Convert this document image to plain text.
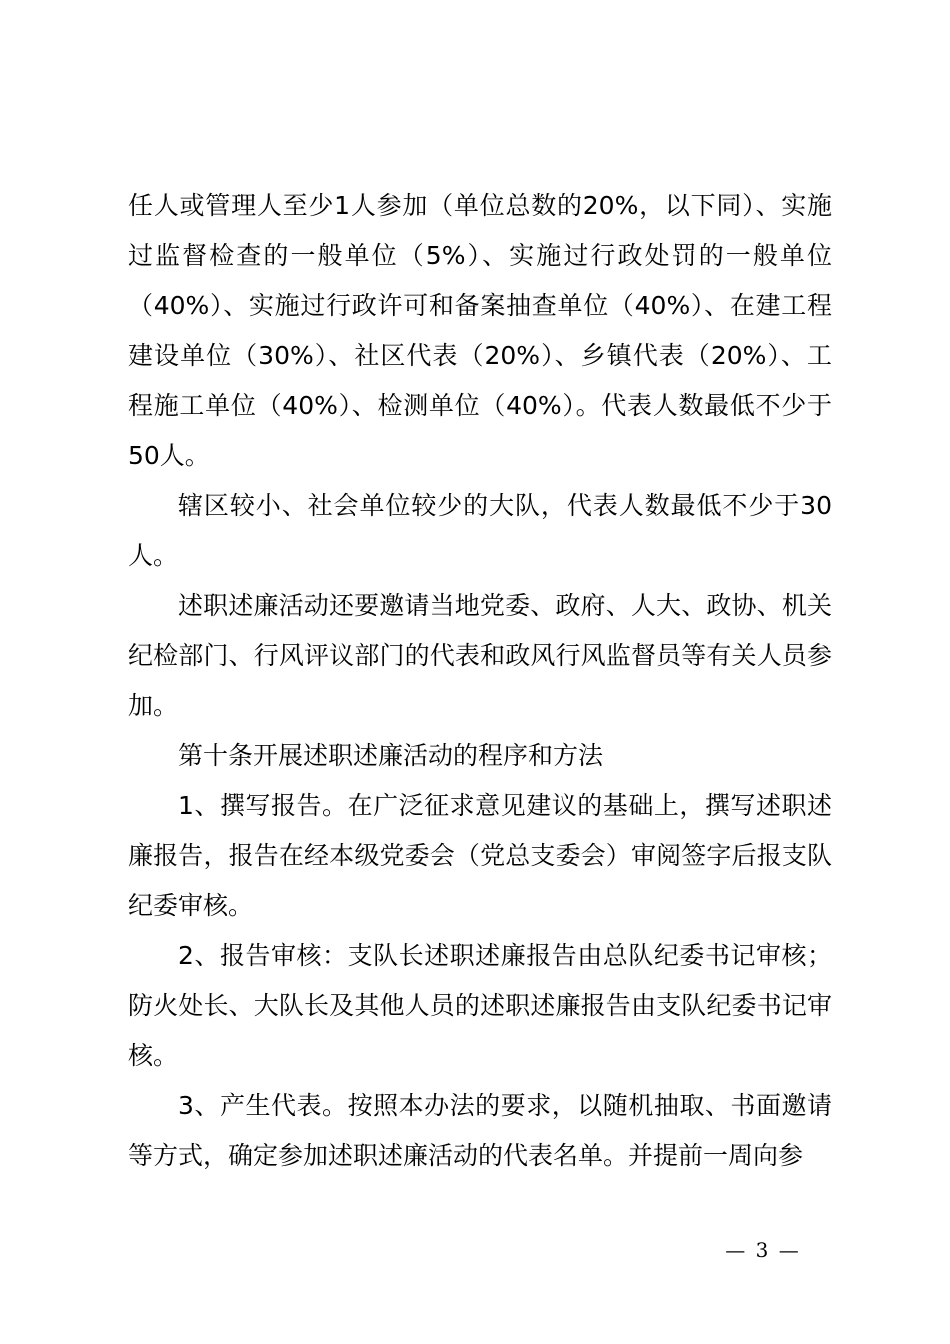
任人或管理人至少1人参加（单位总数的20%，以下同）、实施过监督检查的一般单位（5%）、实施过行政处罚的一般单位（40%）、实施过行政许可和备案抽查单位（40%）、在建工程建设单位（30%）、社区代表（20%）、乡镇代表（20%）、工程施工单位（40%）、检测单位（40%）。代表人数最低不少于50人。

辖区较小、社会单位较少的大队，代表人数最低不少于30人。

述职述廉活动还要邀请当地党委、政府、人大、政协、机关纪检部门、行风评议部门的代表和政风行风监督员等有关人员参加。

第十条开展述职述廉活动的程序和方法

1、撰写报告。在广泛征求意见建议的基础上，撰写述职述廉报告，报告在经本级党委会（党总支委会）审阅签字后报支队纪委审核。

2、报告审核：支队长述职述廉报告由总队纪委书记审核；防火处长、大队长及其他人员的述职述廉报告由支队纪委书记审核。

3、产生代表。按照本办法的要求，以随机抽取、书面邀请等方式，确定参加述职述廉活动的代表名单。并提前一周向参

— 3 —
